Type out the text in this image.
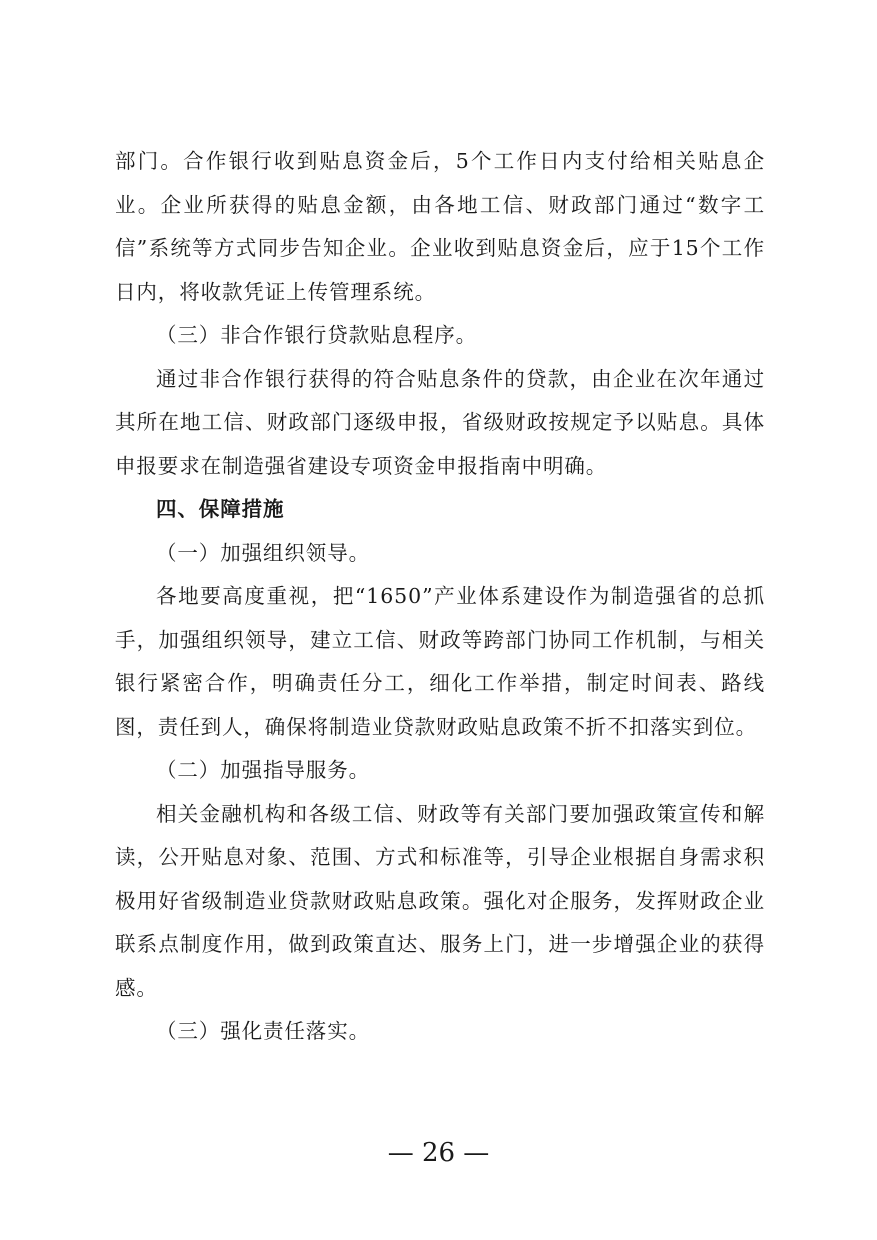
部门。合作银行收到贴息资金后，5个工作日内支付给相关贴息企业。企业所获得的贴息金额，由各地工信、财政部门通过“数字工信”系统等方式同步告知企业。企业收到贴息资金后，应于15个工作日内，将收款凭证上传管理系统。

（三）非合作银行贷款贴息程序。

通过非合作银行获得的符合贴息条件的贷款，由企业在次年通过其所在地工信、财政部门逐级申报，省级财政按规定予以贴息。具体申报要求在制造强省建设专项资金申报指南中明确。

四、保障措施

（一）加强组织领导。

各地要高度重视，把“1650”产业体系建设作为制造强省的总抓手，加强组织领导，建立工信、财政等跨部门协同工作机制，与相关银行紧密合作，明确责任分工，细化工作举措，制定时间表、路线图，责任到人，确保将制造业贷款财政贴息政策不折不扣落实到位。

（二）加强指导服务。

相关金融机构和各级工信、财政等有关部门要加强政策宣传和解读，公开贴息对象、范围、方式和标准等，引导企业根据自身需求积极用好省级制造业贷款财政贴息政策。强化对企服务，发挥财政企业联系点制度作用，做到政策直达、服务上门，进一步增强企业的获得感。

（三）强化责任落实。

— 26 —
